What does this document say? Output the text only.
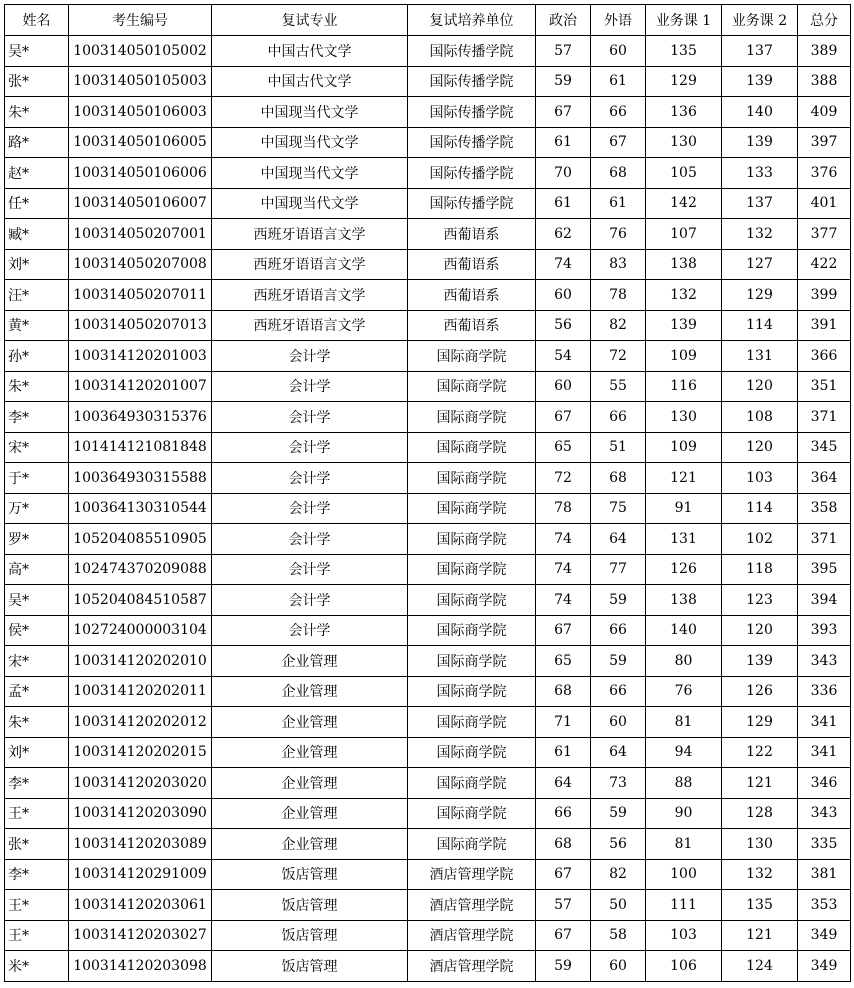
姓名	考生编号	复试专业	复试培养单位	政治	外语	业务课 1	业务课 2	总分
吴*	100314050105002	中国古代文学	国际传播学院	57	60	135	137	389
张*	100314050105003	中国古代文学	国际传播学院	59	61	129	139	388
朱*	100314050106003	中国现当代文学	国际传播学院	67	66	136	140	409
路*	100314050106005	中国现当代文学	国际传播学院	61	67	130	139	397
赵*	100314050106006	中国现当代文学	国际传播学院	70	68	105	133	376
任*	100314050106007	中国现当代文学	国际传播学院	61	61	142	137	401
臧*	100314050207001	西班牙语语言文学	西葡语系	62	76	107	132	377
刘*	100314050207008	西班牙语语言文学	西葡语系	74	83	138	127	422
汪*	100314050207011	西班牙语语言文学	西葡语系	60	78	132	129	399
黄*	100314050207013	西班牙语语言文学	西葡语系	56	82	139	114	391
孙*	100314120201003	会计学	国际商学院	54	72	109	131	366
朱*	100314120201007	会计学	国际商学院	60	55	116	120	351
李*	100364930315376	会计学	国际商学院	67	66	130	108	371
宋*	101414121081848	会计学	国际商学院	65	51	109	120	345
于*	100364930315588	会计学	国际商学院	72	68	121	103	364
万*	100364130310544	会计学	国际商学院	78	75	91	114	358
罗*	105204085510905	会计学	国际商学院	74	64	131	102	371
高*	102474370209088	会计学	国际商学院	74	77	126	118	395
吴*	105204084510587	会计学	国际商学院	74	59	138	123	394
侯*	102724000003104	会计学	国际商学院	67	66	140	120	393
宋*	100314120202010	企业管理	国际商学院	65	59	80	139	343
孟*	100314120202011	企业管理	国际商学院	68	66	76	126	336
朱*	100314120202012	企业管理	国际商学院	71	60	81	129	341
刘*	100314120202015	企业管理	国际商学院	61	64	94	122	341
李*	100314120203020	企业管理	国际商学院	64	73	88	121	346
王*	100314120203090	企业管理	国际商学院	66	59	90	128	343
张*	100314120203089	企业管理	国际商学院	68	56	81	130	335
李*	100314120291009	饭店管理	酒店管理学院	67	82	100	132	381
王*	100314120203061	饭店管理	酒店管理学院	57	50	111	135	353
王*	100314120203027	饭店管理	酒店管理学院	67	58	103	121	349
米*	100314120203098	饭店管理	酒店管理学院	59	60	106	124	349
